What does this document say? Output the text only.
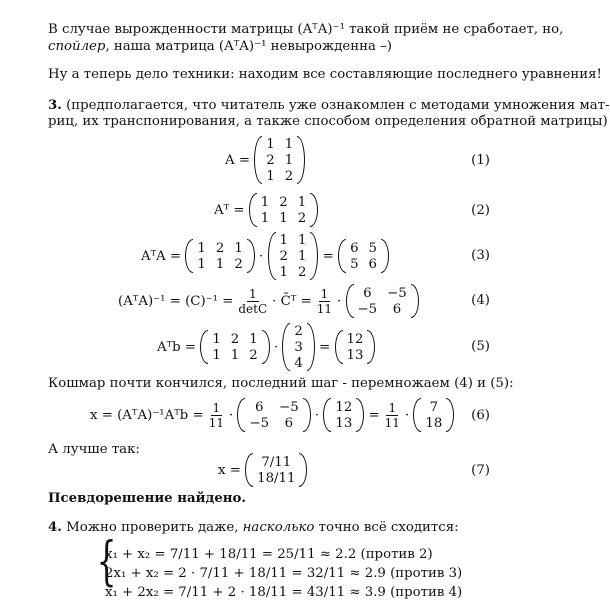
В случае вырожденности матрицы (AᵀA)⁻¹ такой приём не сработает, но,
спойлер, наша матрица (AᵀA)⁻¹ невырожденна –)
Ну а теперь дело техники: находим все составляющие последнего уравнения!
3. (предполагается, что читатель уже ознакомлен с методами умножения мат-
риц, их транспонирования, а также способом определения обратной матрицы)
A =

1 1
2 1
1 2
(1)
Aᵀ =

1 2 1
1 1 2	(2)
AᵀA =

1 2 1
1 1 2

·

1 1
2 1
1 2

=

6 5
5 6
(3)
(AᵀA)⁻¹ = $(C)^{-1} = \frac{1}{\det C}$ · C̄ᵀ = $\frac{1}{11}$ ·

6	−5
−5	6
(4)
Aᵀb =

1 2 1
1 1 2

·

2
3
4

=

12
13
(5)
Кошмар почти кончился, последний шаг - перемножаем (4) и (5):
x = (AᵀA)⁻¹Aᵀb = $\frac{1}{11}$ ·

6	−5
−5	6

·

12
13

= $\frac{1}{11}$ ·

7
18 (6)
А лучше так:
x =

7/11
18/11	(7)
Псевдорешение найдено.
4. Можно проверить даже, насколько точно всё сходится:
{
x₁ + x₂ = 7/11 + 18/11 = 25/11 ≈ 2.2 (против 2)
2x₁ + x₂ = 2 · 7/11 + 18/11 = 32/11 ≈ 2.9 (против 3)
x₁ + 2x₂ = 7/11 + 2 · 18/11 = 43/11 ≈ 3.9 (против 4)
